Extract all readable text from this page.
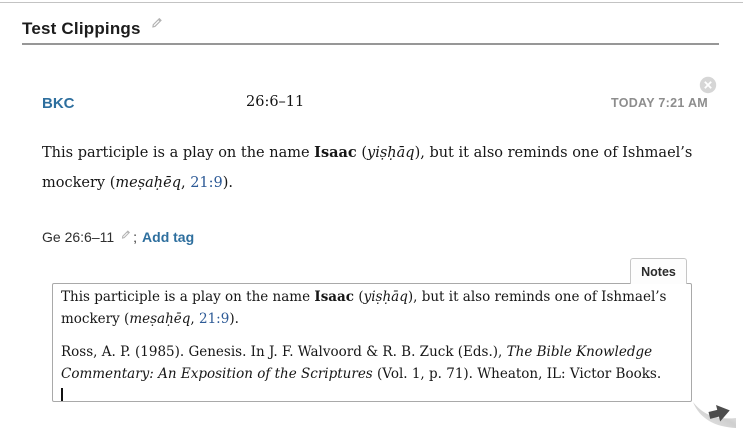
Test Clippings
BKC	26:6–11	TODAY 7:21 AM
This participle is a play on the name Isaac (yiṣḥāq), but it also reminds one of Ishmael’s
mockery (meṣaḥēq, 21:9).
Ge 26:6–11 ; Add tag
Notes
This participle is a play on the name Isaac (yiṣḥāq), but it also reminds one of Ishmael’s
mockery (meṣaḥēq, 21:9).
Ross, A. P. (1985). Genesis. In J. F. Walvoord & R. B. Zuck (Eds.), The Bible Knowledge
Commentary: An Exposition of the Scriptures (Vol. 1, p. 71). Wheaton, IL: Victor Books.
